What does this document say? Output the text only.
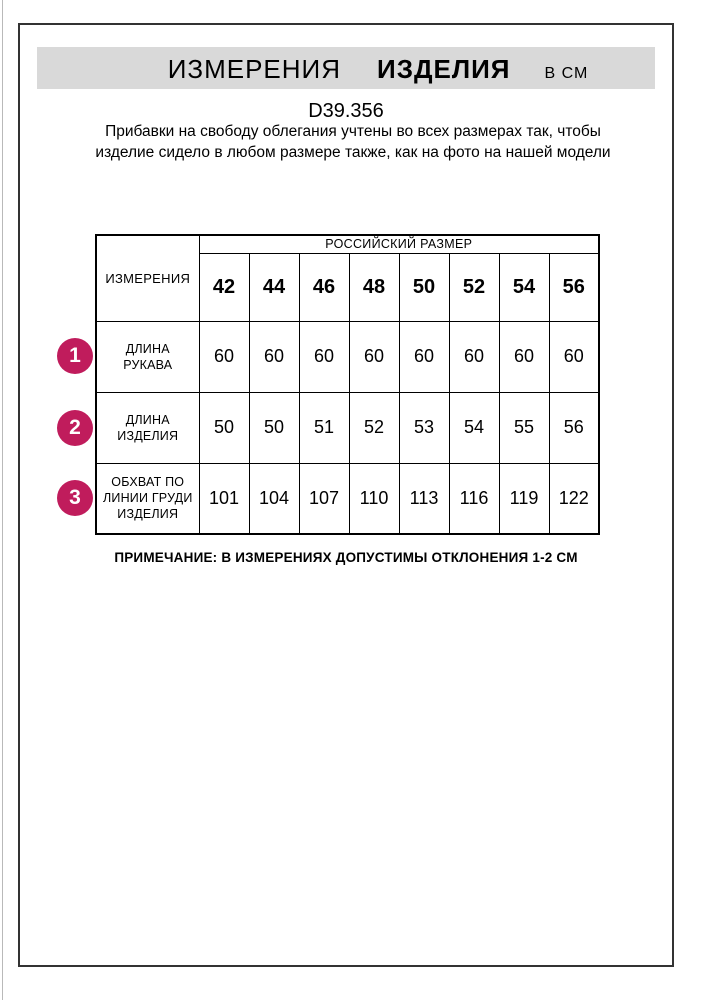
ИЗМЕРЕНИЯ ИЗДЕЛИЯ В СМ
D39.356
Прибавки на свободу облегания учтены во всех размерах так, чтобы изделие сидело в любом размере также, как на фото на нашей модели
ИЗМЕРЕНИЯ	РОССИЙСКИЙ РАЗМЕР							
	42	44	46	48	50	52	54	56
ДЛИНА РУКАВА	60	60	60	60	60	60	60	60
ДЛИНА
ИЗДЕЛИЯ	50	50	51	52	53	54	55	56
ОБХВАТ ПО
ЛИНИИ ГРУДИ
ИЗДЕЛИЯ	101	104	107	110	113	116	119	122
1
2
3
ПРИМЕЧАНИЕ: В ИЗМЕРЕНИЯХ ДОПУСТИМЫ ОТКЛОНЕНИЯ 1-2 СМ
